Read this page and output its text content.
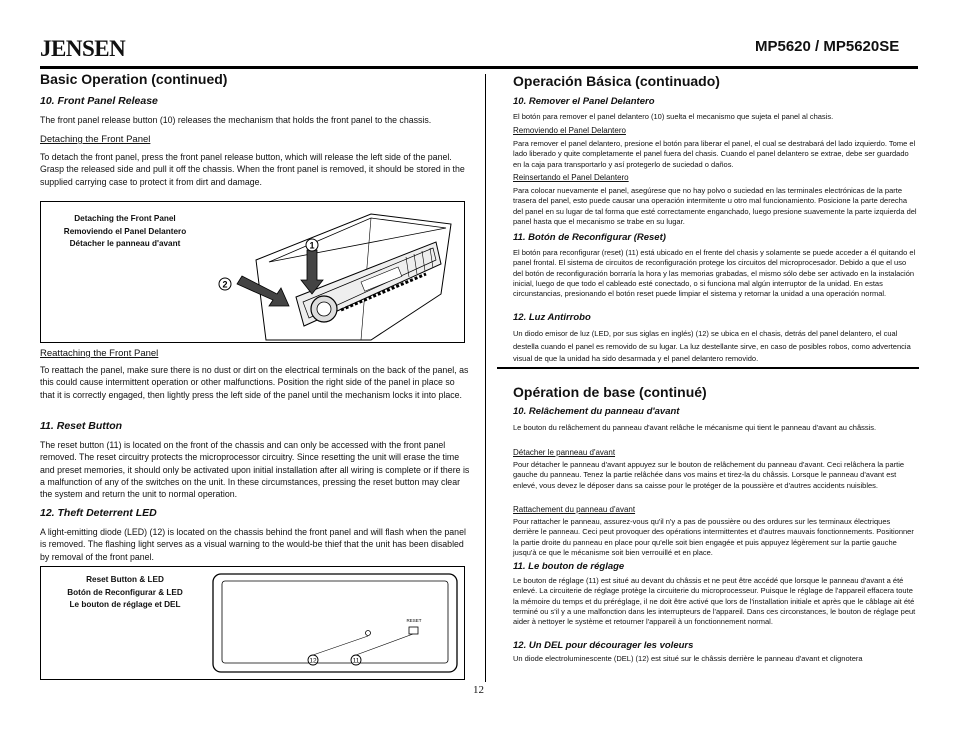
JENSEN	MP5620 / MP5620SE
Basic Operation (continued)
10. Front Panel Release
The front panel release button (10) releases the mechanism that holds the front panel to the chassis.
Detaching the Front Panel
To detach the front panel, press the front panel release button, which will release the left side of the panel. Grasp the released side and pull it off the chassis. When the front panel is removed, it should be stored in the supplied carrying case to protect it from dirt and damage.
Detaching the Front Panel
Removiendo el Panel Delantero
Détacher le panneau d'avant	1
2
Reattaching the Front Panel
To reattach the panel, make sure there is no dust or dirt on the electrical terminals on the back of the panel, as this could cause intermittent operation or other malfunctions. Position the right side of the panel in place so that it is correctly engaged, then lightly press the left side of the panel until the mechanism locks it into place.
11. Reset Button
The reset button (11) is located on the front of the chassis and can only be accessed with the front panel removed. The reset circuitry protects the microprocessor circuitry. Since resetting the unit will erase the time and preset memories, it should only be activated upon initial installation after all wiring is complete or if there is a malfunction of any of the switches on the unit. In these circumstances, pressing the reset button may clear the system and return the unit to normal operation.
12. Theft Deterrent LED
A light-emitting diode (LED) (12) is located on the chassis behind the front panel and will flash when the panel is removed. The flashing light serves as a visual warning to the would-be thief that the unit has been disabled by removal of the front panel.
Reset Button & LED
Botón de Reconfigurar & LED
Le bouton de réglage et DEL
RESET
12	11
Operación Básica (continuado)
10. Remover el Panel Delantero
El botón para remover el panel delantero (10) suelta el mecanismo que sujeta el panel al chasis.
Removiendo el Panel Delantero
Para remover el panel delantero, presione el botón para liberar el panel, el cual se destrabará del lado izquierdo. Tome el lado liberado y quite completamente el panel fuera del chasis. Cuando el panel delantero se extrae, debe ser guardado en la caja para transportarlo y así protegerlo de suciedad o daños.
Reinsertando el Panel Delantero
Para colocar nuevamente el panel, asegúrese que no hay polvo o suciedad en las terminales electrónicas de la parte trasera del panel, esto puede causar una operación intermitente u otro mal funcionamiento. Posicione la parte derecha del panel en su lugar de tal forma que esté correctamente enganchado, luego presione suavemente la parte izquierda del panel hasta que el mecanismo se trabe en su lugar.
11. Botón de Reconfigurar (Reset)
El botón para reconfigurar (reset) (11) está ubicado en el frente del chasis y solamente se puede acceder a él quitando el panel frontal. El sistema de circuitos de reconfiguración protege los circuitos del microprocesador. Debido a que el uso del botón de reconfiguración borraría la hora y las memorias grabadas, el mismo sólo debe ser activado en la instalación inicial, luego de que todo el cableado esté conectado, o si funciona mal algún interruptor de la unidad. En estas circunstancias, presionando el botón reset puede limpiar el sistema y retornar la unidad a una operación normal.
12. Luz Antirrobo
Un diodo emisor de luz (LED, por sus siglas en inglés) (12) se ubica en el chasis, detrás del panel delantero, el cual destella cuando el panel es removido de su lugar. La luz destellante sirve, en caso de posibles robos, como advertencia visual de que la unidad ha sido desarmada y el panel delantero removido.
Opération de base (continué)
10. Relâchement du panneau d'avant
Le bouton du relâchement du panneau d'avant relâche le mécanisme qui tient le panneau d'avant au châssis.
Détacher le panneau d'avant
Pour détacher le panneau d'avant appuyez sur le bouton de relâchement du panneau d'avant. Ceci relâchera la partie gauche du panneau. Tenez la partie relâchée dans vos mains et tirez-la du châssis. Lorsque le panneau d'avant est enlevé, vous devez le déposer dans sa caisse pour le protéger de la poussière et d'autres accidents nuisibles.
Rattachement du panneau d'avant
Pour rattacher le panneau, assurez-vous qu'il n'y a pas de poussière ou des ordures sur les terminaux électriques derrière le panneau. Ceci peut provoquer des opérations intermittentes et d'autres mauvais fonctionnements. Positionner la partie droite du panneau en place pour qu'elle soit bien engagée et puis appuyez légèrement sur la partie gauche jusqu'à ce que le mécanisme soit bien verrouillé et en place.
11. Le bouton de réglage
Le bouton de réglage (11) est situé au devant du châssis et ne peut être accédé que lorsque le panneau d'avant a été enlevé. La circuiterie de réglage protège la circuiterie du microprocesseur. Puisque le réglage de l'appareil effacera toute la mémoire du temps et du préréglage, il ne doit être activé que lors de l'installation initiale et après que le câblage ait été terminé ou s'il y a une malfonction dans les interrupteurs de l'appareil. Dans ces circonstances, le bouton de réglage peut aider à nettoyer le système et retourner l'appareil à un fonctionnement normal.
12. Un DEL pour décourager les voleurs
Un diode electroluminescente (DEL) (12) est situé sur le châssis derrière le panneau d'avant et clignotera
12
